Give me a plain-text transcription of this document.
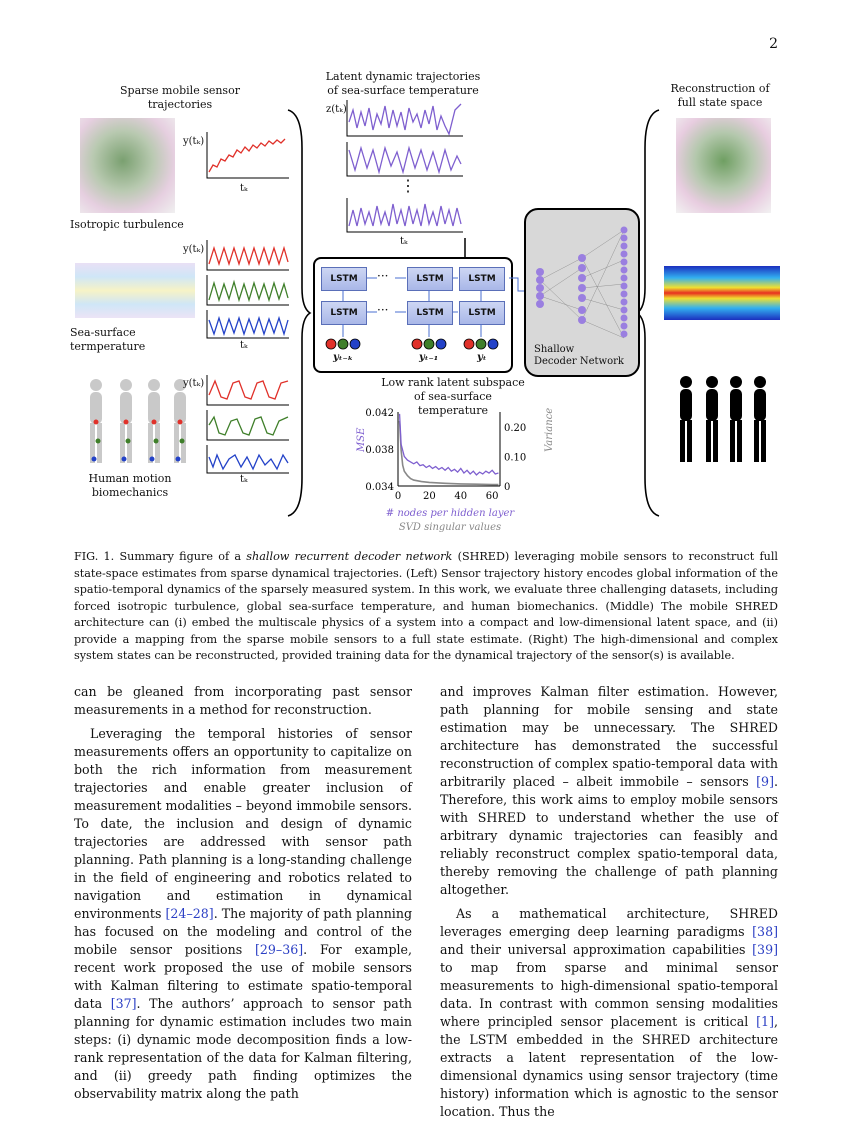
2
Sparse mobile sensor trajectories
Latent dynamic trajectories
of sea-surface temperature	Reconstruction of
full state space
Isotropic turbulence
Sea-surface termperature
Human motion
biomechanics
y(tₖ)
y(tₖ)
y(tₖ)
tₖ
tₖ
tₖ
z(tₖ)
⋮
tₖ
LSTM
LSTM
LSTM
LSTM
LSTM
LSTM
···
···
yₜ₋ₖ	yₜ₋₁	yₜ
Shallow
Decoder Network
Low rank latent subspace
of sea-surface temperature
0 20 40 60
0.034
0.038
0.042
0
0.10
0.20
MSE	Variance
# nodes per hidden layer
SVD singular values
FIG. 1. Summary figure of a shallow recurrent decoder network (SHRED) leveraging mobile sensors to reconstruct full state-space estimates from sparse dynamical trajectories. (Left) Sensor trajectory history encodes global information of the spatio-temporal dynamics of the sparsely measured system. In this work, we evaluate three challenging datasets, including forced isotropic turbulence, global sea-surface temperature, and human biomechanics. (Middle) The mobile SHRED architecture can (i) embed the multiscale physics of a system into a compact and low-dimensional latent space, and (ii) provide a mapping from the sparse mobile sensors to a full state estimate. (Right) The high-dimensional and complex system states can be reconstructed, provided training data for the dynamical trajectory of the sensor(s) is available.

can be gleaned from incorporating past sensor measurements in a method for reconstruction.

Leveraging the temporal histories of sensor measurements offers an opportunity to capitalize on both the rich information from measurement trajectories and enable greater inclusion of measurement modalities – beyond immobile sensors. To date, the inclusion and design of dynamic trajectories are addressed with sensor path planning. Path planning is a long-standing challenge in the field of engineering and robotics related to navigation and estimation in dynamical environments [24–28]. The majority of path planning has focused on the modeling and control of the mobile sensor positions [29–36]. For example, recent work proposed the use of mobile sensors with Kalman filtering to estimate spatio-temporal data [37]. The authors’ approach to sensor path planning for dynamic estimation includes two main steps: (i) dynamic mode decomposition finds a low-rank representation of the data for Kalman filtering, and (ii) greedy path finding optimizes the observability matrix along the path

and improves Kalman filter estimation. However, path planning for mobile sensing and state estimation may be unnecessary. The SHRED architecture has demonstrated the successful reconstruction of complex spatio-temporal data with arbitrarily placed – albeit immobile – sensors [9]. Therefore, this work aims to employ mobile sensors with SHRED to understand whether the use of arbitrary dynamic trajectories can feasibly and reliably reconstruct complex spatio-temporal data, thereby removing the challenge of path planning altogether.

As a mathematical architecture, SHRED leverages emerging deep learning paradigms [38] and their universal approximation capabilities [39] to map from sparse and minimal sensor measurements to high-dimensional spatio-temporal data. In contrast with common sensing modalities where principled sensor placement is critical [1], the LSTM embedded in the SHRED architecture extracts a latent representation of the low-dimensional dynamics using sensor trajectory (time history) information which is agnostic to the sensor location. Thus the
